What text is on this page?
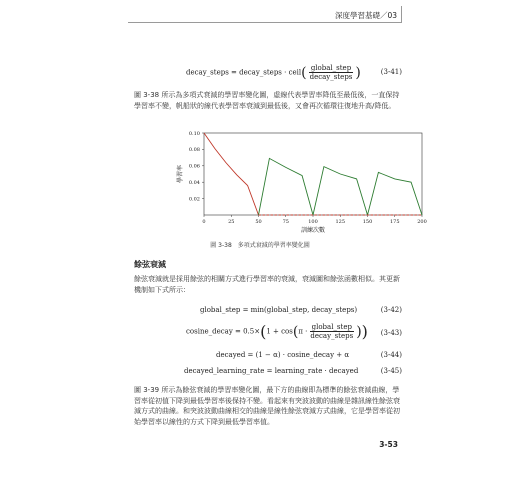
深度學習基礎／03
decay_steps = decay_steps · ceil( $\frac{\text{global\_step}}{\text{decay\_steps}}$ )	(3-41)
圖 3-38 所示為多項式衰減的學習率變化圖，虛線代表學習率降低至最低後，一直保持學習率不變，帆船狀的線代表學習率衰減到最低後，又會再次循環往復地升高/降低。
0	25	50	75	100	125	150	175	200
0.02
0.04
0.06
0.08
0.10
訓練次數
學習率
圖 3-38　多項式衰減的學習率變化圖
餘弦衰減
餘弦衰減就是採用餘弦的相關方式進行學習率的衰減，衰減圖和餘弦函數相似。其更新機制如下式所示：
global_step = min(global_step, decay_steps)	(3-42)
cosine_decay = $0.5\times(1 + \cos(\pi \cdot \frac{\text{global\_step}}{\text{decay\_steps}}$ )) (3-43)
decayed = (1 − α) · cosine_decay + α	(3-44)
decayed_learning_rate = learning_rate · decayed	(3-45)
圖 3-39 所示為餘弦衰減的學習率變化圖，最下方的曲線即為標準的餘弦衰減曲線，學習率從初值下降到最低學習率後保持不變。看起來有突波波動的曲線是雜訊線性餘弦衰減方式的曲線。和突波波動曲線相交的曲線是線性餘弦衰減方式曲線，它是學習率從初始學習率以線性的方式下降到最低學習率值。
3-53
